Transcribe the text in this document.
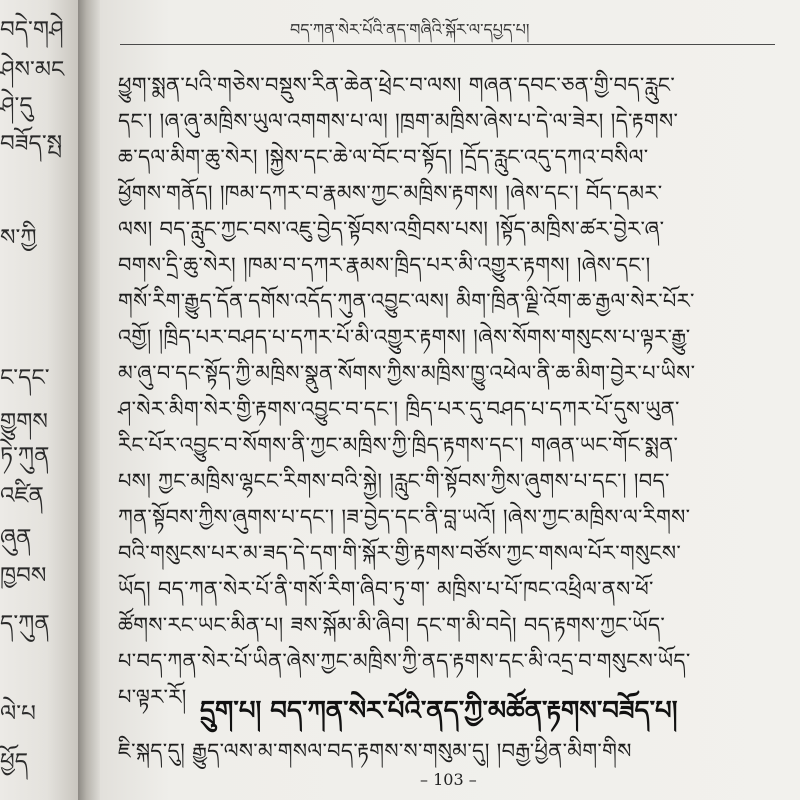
བདེ་གཤེ
ཤེས་མང
ཤེ་དུ
བཟོད་སྤ
ས་ཀྱི
ང་དང་
གྱུགས
ཏེ་ཀུན
འཛིན
ཞུན
ཁྱབས
ད་ཀུན
ལེ་པ
ཕྱོད
བད་ཀན་སེར་པོའི་ནད་གཞིའི་སྐོར་ལ་དཔྱད་པ།
ཕྱུག་སྨན་པའི་གཅེས་བསྡུས་རིན་ཆེན་ཕྲེང་བ་ལས། གཞན་དབང་ཅན་གྱི་བད་རླུང་
དང་། །ཞ་ཞུ་མཁྲིས་ཡུལ་འགགས་པ་ལ། །ཁྲག་མཁྲིས་ཞེས་པ་དེ་ལ་ཟེར། །དེ་རྟགས་
ཆ་དལ་མིག་ཆུ་སེར། །སྐྱེས་དང་ཆེ་ལ་བོང་བ་སྟོད། །དྲོད་རླུང་འདུ་དཀའ་བསིལ་
ཕྱོགས་གནོད། །ཁམ་དཀར་བ་རྣམས་ཀྱང་མཁྲིས་རྟགས། །ཞེས་དང་། བོད་དམར་
ལས། བད་རླུང་ཀྱང་བས་འཇུ་བྱེད་སྟོབས་འགྲིབས་པས། །སྟོད་མཁྲིས་ཚར་བྱེར་ཞ་
བགས་དྲི་ཆུ་སེར། །ཁམ་བ་དཀར་རྣམས་ཁྲིད་པར་མི་འགྱུར་རྟགས། །ཞེས་དང་།
གསོ་རིག་རྒྱུད་དོན་དགོས་འདོད་ཀུན་འབྱུང་ལས། མིག་ཁྲིན་ལྗི་འོག་ཆ་རྒྱལ་སེར་པོར་
འགྱོ། །ཁྲིད་པར་བཤད་པ་དཀར་པོ་མི་འགྱུར་རྟགས། །ཞེས་སོགས་གསུངས་པ་ལྟར་རྒྱུ་
མ་ཞུ་བ་དང་སྟོད་ཀྱི་མཁྲིས་སྣུན་སོགས་ཀྱིས་མཁྲིས་ཁྱུ་འཕེལ་ནི་ཆ་མིག་བྱེར་པ་ཡིས་
ཤ་སེར་མིག་སེར་གྱི་རྟགས་འབྱུང་བ་དང་། ཁྲིད་པར་དུ་བཤད་པ་དཀར་པོ་དུས་ཡུན་
རིང་པོར་འབྱུང་བ་སོགས་ནི་ཀྱང་མཁྲིས་ཀྱི་ཁྲིད་རྟགས་དང་། གཞན་ཡང་གོང་སྨན་
པས། ཀྱང་མཁྲིས་ལྷངང་རིགས་བའི་སྐྱེ། །རླུང་གི་སྟོབས་ཀྱིས་ཞུགས་པ་དང་། །བད་
ཀན་སྟོབས་ཀྱིས་ཞུགས་པ་དང་། །ཟ་བྱེད་དང་ནི་བླ་ཡའོ། །ཞེས་ཀྱང་མཁྲིས་ལ་རིགས་
བའི་གསུངས་པར་མ་ཟད་དེ་དག་གི་སྐོར་གྱི་རྟགས་བཙོས་ཀྱང་གསལ་པོར་གསུངས་
ཡོད། བད་ཀན་སེར་པོ་ནི་གསོ་རིག་ཞིབ་ཏུ་ག་ མཁྲིས་པ་པོ་ཁང་འཕྲིལ་ནས་ཕོ་
ཚོགས་རང་ཡང་མིན་པ། ཟས་སྐོམ་མི་ཞིབ། དང་ག་མི་བདེ། བད་རྟགས་ཀྱང་ཡོད་
པ་བད་ཀན་སེར་པོ་ཡིན་ཞེས་ཀྱང་མཁྲིས་ཀྱི་ནད་རྟགས་དང་མི་འདྲ་བ་གསུངས་ཡོད་
པ་ལྟར་རོ། དྲུག་པ། བད་ཀན་སེར་པོའི་ནད་ཀྱི་མཚོན་རྟགས་བཟོད་པ།
ཇི་སྐད་དུ། རྒྱུད་ལས་མ་གསལ་བད་རྟགས་ས་གསུམ་དུ། །བརྒྱ་ཕྱིན་མིག་གིས
– 103 –
